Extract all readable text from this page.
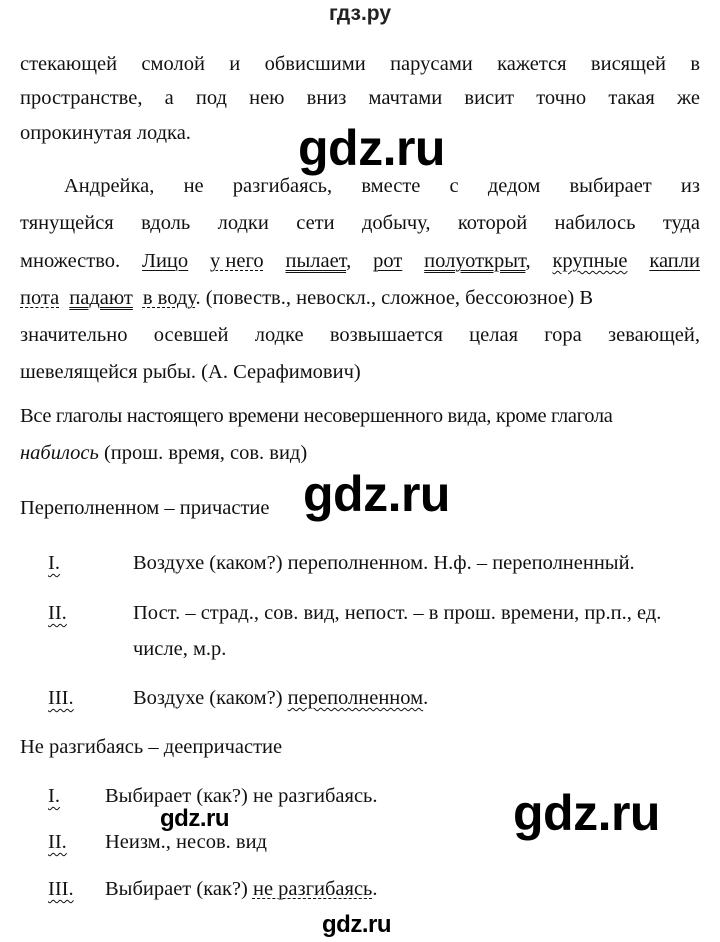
гдз.ру
стекающей смолой и обвисшими парусами кажется висящей в
пространстве, а под нею вниз мачтами висит точно такая же
опрокинутая лодка.
Андрейка, не разгибаясь, вместе с дедом выбирает из
тянущейся вдоль лодки сети добычу, которой набилось туда
множество. Лицо у него пылает, рот полуоткрыт, крупные капли
пота падают в воду. (повеств., невоскл., сложное, бессоюзное) В
значительно осевшей лодке возвышается целая гора зевающей,
шевелящейся рыбы. (А. Серафимович)
Все глаголы настоящего времени несовершенного вида, кроме глагола
набилось (прош. время, сов. вид)
Переполненном – причастие
I.	Воздухе (каком?) переполненном. Н.ф. – переполненный.
II.	Пост. – страд., сов. вид, непост. – в прош. времени, пр.п., ед.
числе, м.р.
III.	Воздухе (каком?) переполненном.
Не разгибаясь – деепричастие
I. Выбирает (как?) не разгибаясь.
II. Неизм., несов. вид
III. Выбирает (как?) не разгибаясь.
gdz.ru
gdz.ru
gdz.ru	gdz.ru
gdz.ru
